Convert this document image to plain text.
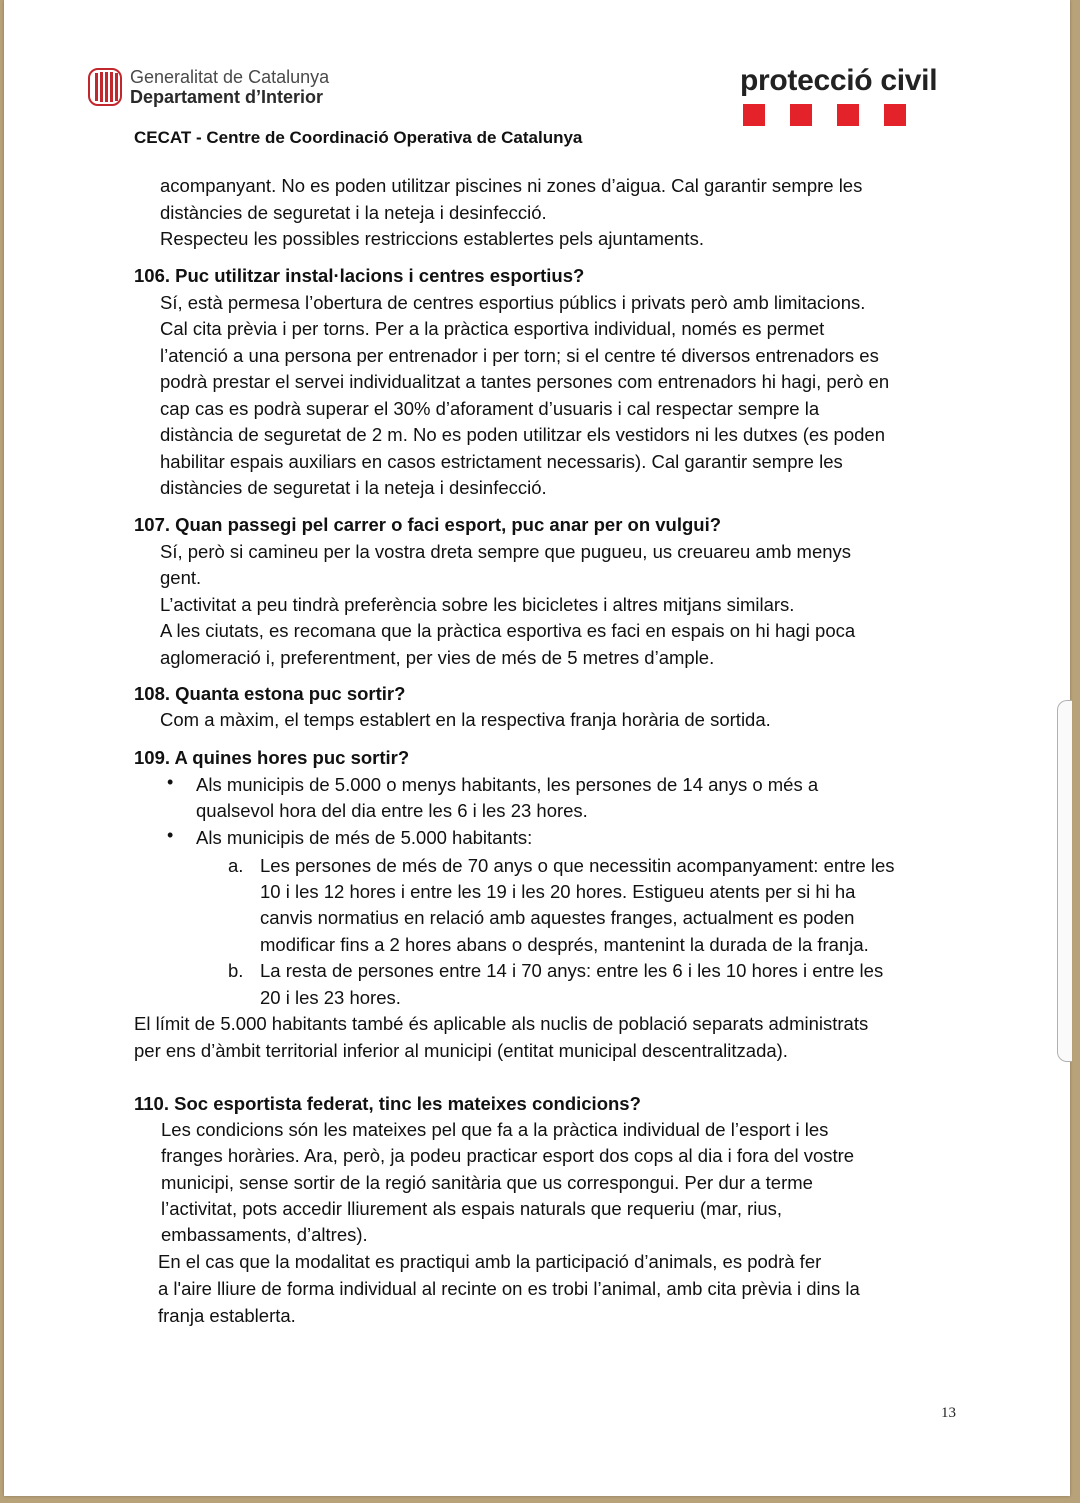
Generalitat de Catalunya
Departament d’Interior	protecció civil
CECAT - Centre de Coordinació Operativa de Catalunya
acompanyant. No es poden utilitzar piscines ni zones d’aigua. Cal garantir sempre les
distàncies de seguretat i la neteja i desinfecció.
Respecteu les possibles restriccions establertes pels ajuntaments.
106. Puc utilitzar instal·lacions i centres esportius?
Sí, està permesa l’obertura de centres esportius públics i privats però amb limitacions.
Cal cita prèvia i per torns. Per a la pràctica esportiva individual, només es permet
l’atenció a una persona per entrenador i per torn; si el centre té diversos entrenadors es
podrà prestar el servei individualitzat a tantes persones com entrenadors hi hagi, però en
cap cas es podrà superar el 30% d’aforament d’usuaris i cal respectar sempre la
distància de seguretat de 2 m. No es poden utilitzar els vestidors ni les dutxes (es poden
habilitar espais auxiliars en casos estrictament necessaris). Cal garantir sempre les
distàncies de seguretat i la neteja i desinfecció.
107. Quan passegi pel carrer o faci esport, puc anar per on vulgui?
Sí, però si camineu per la vostra dreta sempre que pugueu, us creuareu amb menys
gent.
L’activitat a peu tindrà preferència sobre les bicicletes i altres mitjans similars.
A les ciutats, es recomana que la pràctica esportiva es faci en espais on hi hagi poca
aglomeració i, preferentment, per vies de més de 5 metres d’ample.
108. Quanta estona puc sortir?
Com a màxim, el temps establert en la respectiva franja horària de sortida.
109. A quines hores puc sortir?
• Als municipis de 5.000 o menys habitants, les persones de 14 anys o més a
qualsevol hora del dia entre les 6 i les 23 hores.
• Als municipis de més de 5.000 habitants:
a. Les persones de més de 70 anys o que necessitin acompanyament: entre les
10 i les 12 hores i entre les 19 i les 20 hores. Estigueu atents per si hi ha
canvis normatius en relació amb aquestes franges, actualment es poden
modificar fins a 2 hores abans o després, mantenint la durada de la franja.
b. La resta de persones entre 14 i 70 anys: entre les 6 i les 10 hores i entre les
20 i les 23 hores.
El límit de 5.000 habitants també és aplicable als nuclis de població separats administrats
per ens d’àmbit territorial inferior al municipi (entitat municipal descentralitzada).
110. Soc esportista federat, tinc les mateixes condicions?
Les condicions són les mateixes pel que fa a la pràctica individual de l’esport i les
franges horàries. Ara, però, ja podeu practicar esport dos cops al dia i fora del vostre
municipi, sense sortir de la regió sanitària que us correspongui. Per dur a terme
l’activitat, pots accedir lliurement als espais naturals que requeriu (mar, rius,
embassaments, d’altres).
En el cas que la modalitat es practiqui amb la participació d’animals, es podrà fer
a l'aire lliure de forma individual al recinte on es trobi l’animal, amb cita prèvia i dins la
franja establerta.
13
